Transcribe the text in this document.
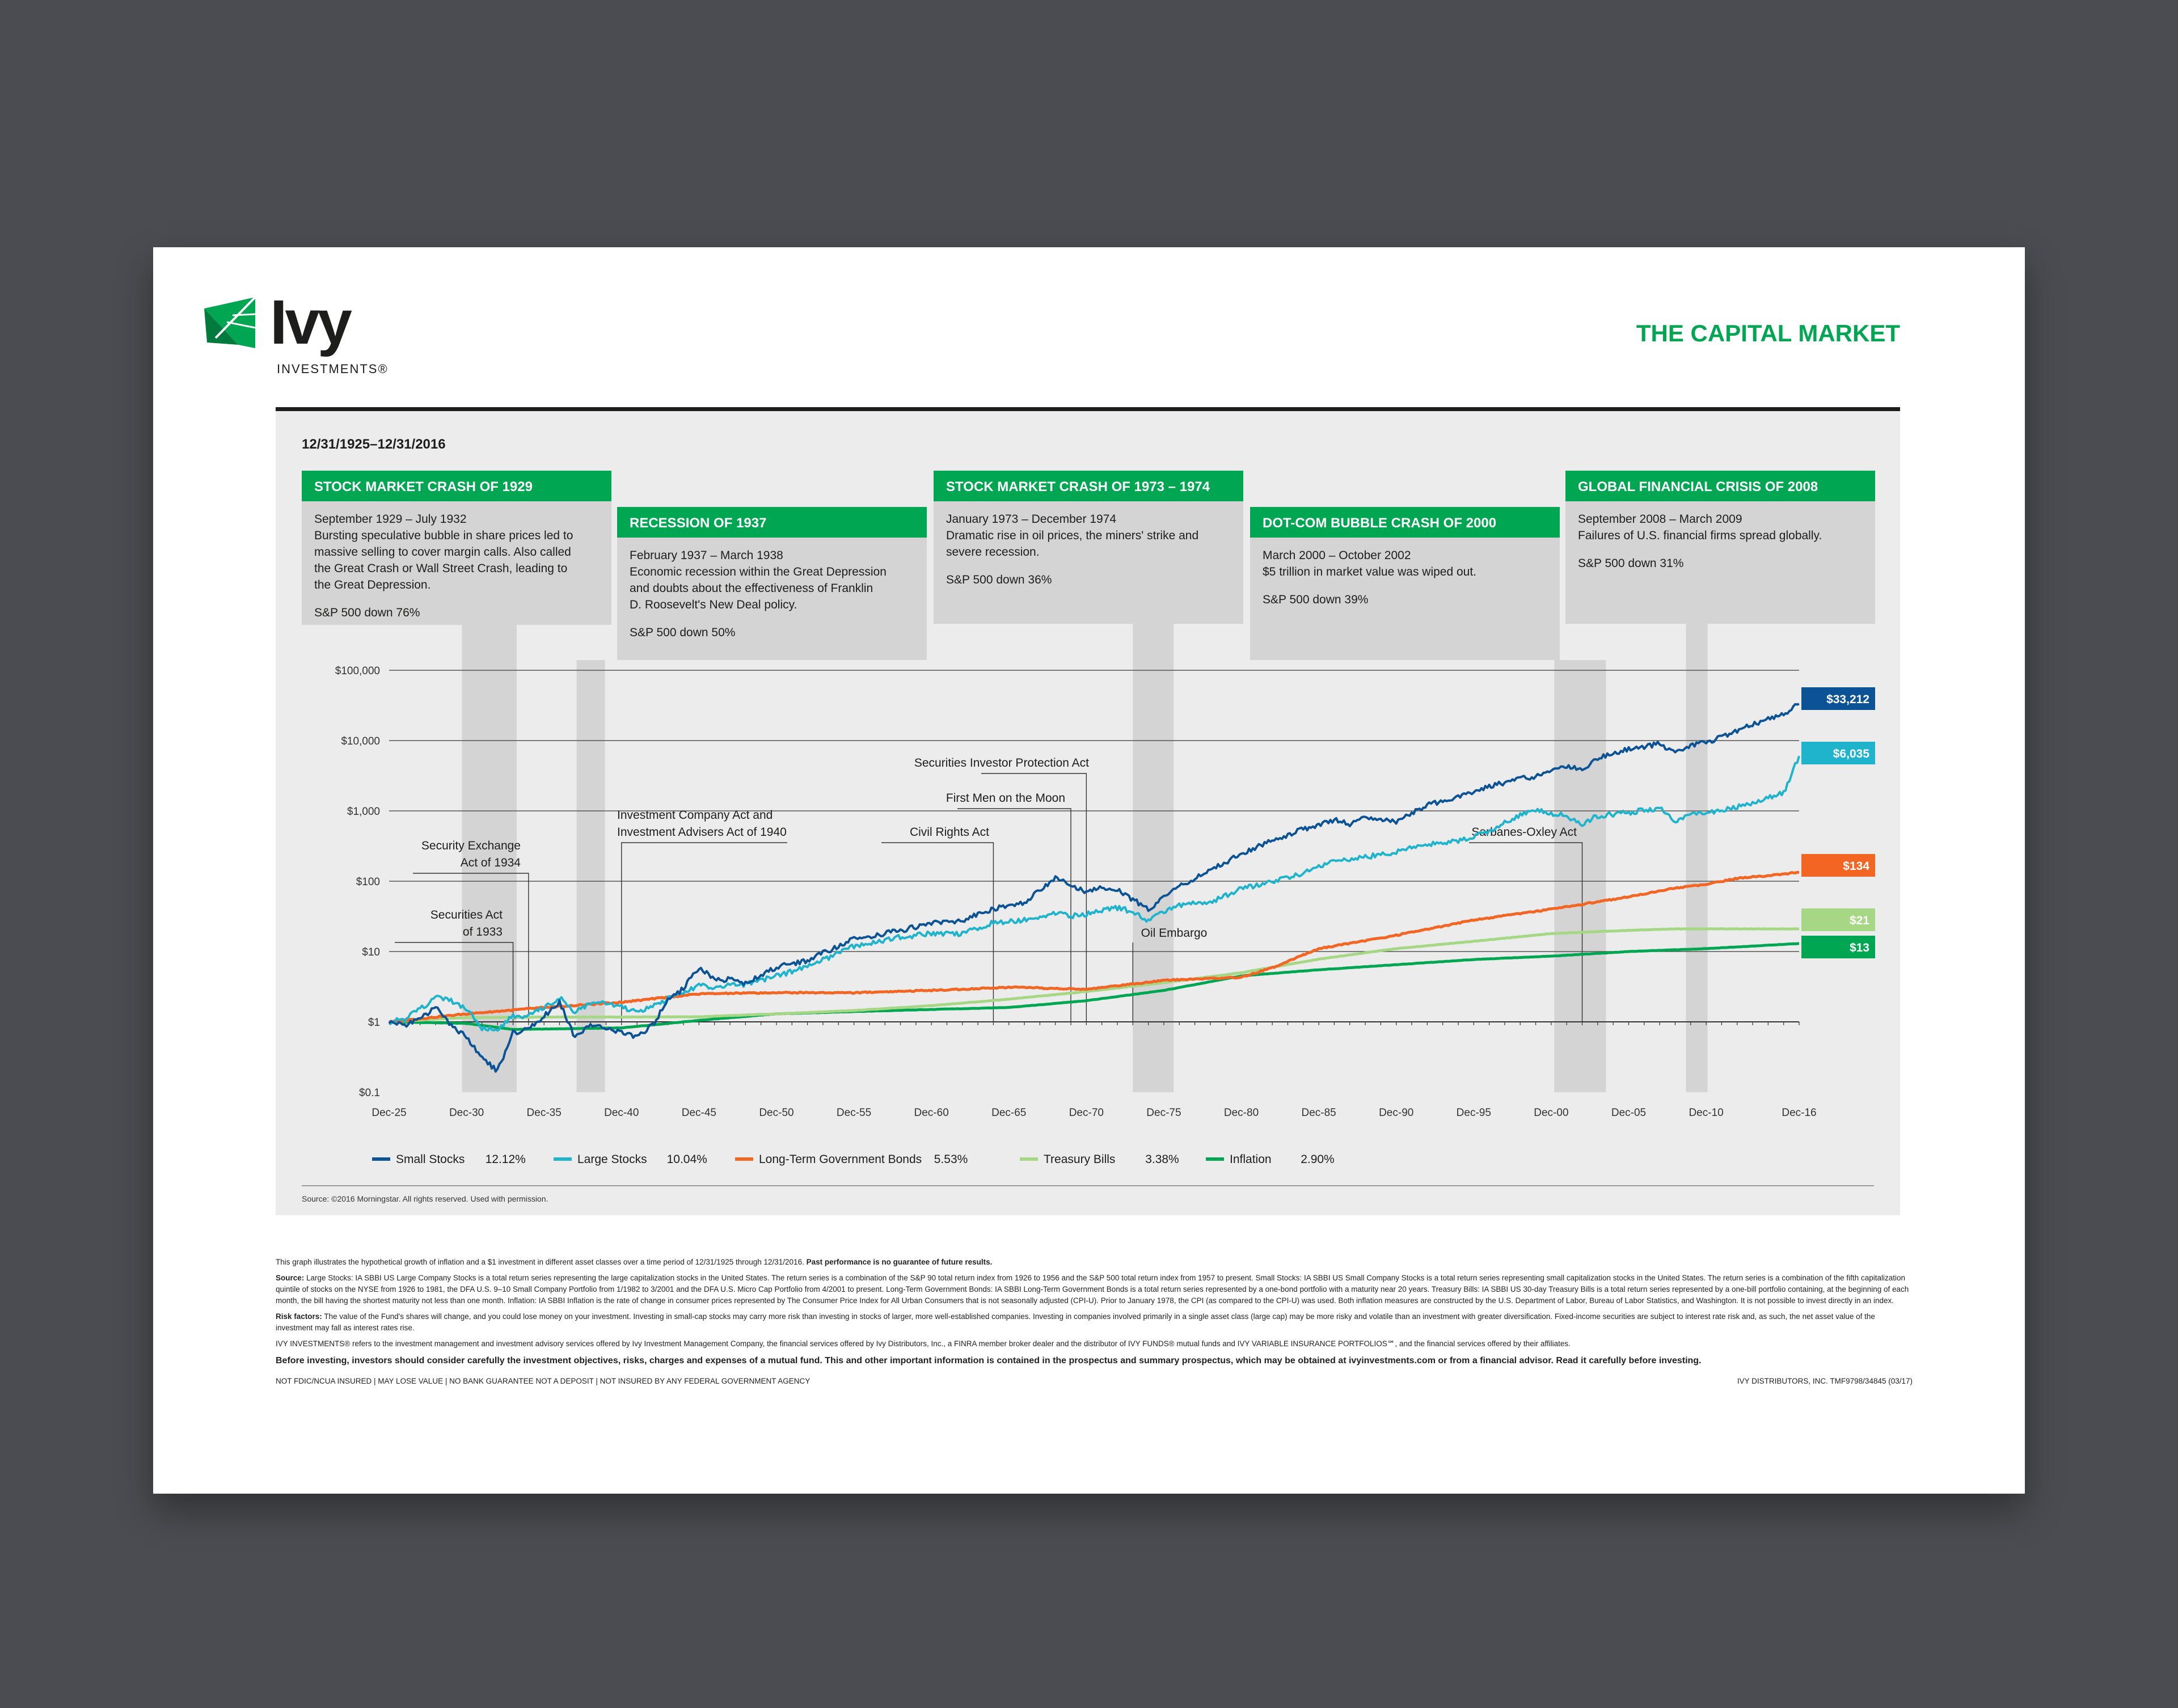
Ivy
INVESTMENTS®
THE CAPITAL MARKET
12/31/1925–12/31/2016
$0.1
$1
$10
$100
$1,000
$10,000
$100,000
Dec-25	Dec-30	Dec-35	Dec-40	Dec-45	Dec-50	Dec-55	Dec-60	Dec-65	Dec-70	Dec-75	Dec-80	Dec-85	Dec-90	Dec-95	Dec-00	Dec-05	Dec-10	Dec-16
Securities Act
of 1933
Security Exchange
Act of 1934
Investment Company Act and
Investment Advisers Act of 1940	Civil Rights Act
First Men on the Moon
Securities Investor Protection Act
Oil Embargo
Sarbanes-Oxley Act
$33,212
$6,035
$134
$21
$13
STOCK MARKET CRASH OF 1929
September 1929 – July 1932
Bursting speculative bubble in share prices led to
massive selling to cover margin calls. Also called
the Great Crash or Wall Street Crash, leading to
the Great Depression.
S&P 500 down 76%
RECESSION OF 1937
February 1937 – March 1938
Economic recession within the Great Depression
and doubts about the effectiveness of Franklin
D. Roosevelt's New Deal policy.
S&P 500 down 50%
STOCK MARKET CRASH OF 1973 – 1974
January 1973 – December 1974
Dramatic rise in oil prices, the miners' strike and
severe recession.
S&P 500 down 36%
DOT-COM BUBBLE CRASH OF 2000
March 2000 – October 2002
$5 trillion in market value was wiped out.
S&P 500 down 39%
GLOBAL FINANCIAL CRISIS OF 2008
September 2008 – March 2009
Failures of U.S. financial firms spread globally.
S&P 500 down 31%
Small Stocks 12.12%	Large Stocks 10.04%	Long-Term Government Bonds 5.53%	Treasury Bills	3.38%	Inflation 2.90%
Source: ©2016 Morningstar. All rights reserved. Used with permission.

This graph illustrates the hypothetical growth of inflation and a $1 investment in different asset classes over a time period of 12/31/1925 through 12/31/2016. Past performance is no guarantee of future results.

Source: Large Stocks: IA SBBI US Large Company Stocks is a total return series representing the large capitalization stocks in the United States. The return series is a combination of the S&P 90 total return index from 1926 to 1956 and the S&P 500 total return index from 1957 to present. Small Stocks: IA SBBI US Small Company Stocks is a total return series representing small capitalization stocks in the United States. The return series is a combination of the fifth capitalization quintile of stocks on the NYSE from 1926 to 1981, the DFA U.S. 9–10 Small Company Portfolio from 1/1982 to 3/2001 and the DFA U.S. Micro Cap Portfolio from 4/2001 to present. Long-Term Government Bonds: IA SBBI Long-Term Government Bonds is a total return series represented by a one-bond portfolio with a maturity near 20 years. Treasury Bills: IA SBBI US 30-day Treasury Bills is a total return series represented by a one-bill portfolio containing, at the beginning of each month, the bill having the shortest maturity not less than one month. Inflation: IA SBBI Inflation is the rate of change in consumer prices represented by The Consumer Price Index for All Urban Consumers that is not seasonally adjusted (CPI-U). Prior to January 1978, the CPI (as compared to the CPI-U) was used. Both inflation measures are constructed by the U.S. Department of Labor, Bureau of Labor Statistics, and Washington. It is not possible to invest directly in an index.

Risk factors: The value of the Fund's shares will change, and you could lose money on your investment. Investing in small-cap stocks may carry more risk than investing in stocks of larger, more well-established companies. Investing in companies involved primarily in a single asset class (large cap) may be more risky and volatile than an investment with greater diversification. Fixed-income securities are subject to interest rate risk and, as such, the net asset value of the investment may fall as interest rates rise.

IVY INVESTMENTS® refers to the investment management and investment advisory services offered by Ivy Investment Management Company, the financial services offered by Ivy Distributors, Inc., a FINRA member broker dealer and the distributor of IVY FUNDS® mutual funds and IVY VARIABLE INSURANCE PORTFOLIOS℠, and the financial services offered by their affiliates.

Before investing, investors should consider carefully the investment objectives, risks, charges and expenses of a mutual fund. This and other important information is contained in the prospectus and summary prospectus, which may be obtained at ivyinvestments.com or from a financial advisor. Read it carefully before investing.

NOT FDIC/NCUA INSURED | MAY LOSE VALUE | NO BANK GUARANTEE NOT A DEPOSIT | NOT INSURED BY ANY FEDERAL GOVERNMENT AGENCY	IVY DISTRIBUTORS, INC. TMF9798/34845 (03/17)
